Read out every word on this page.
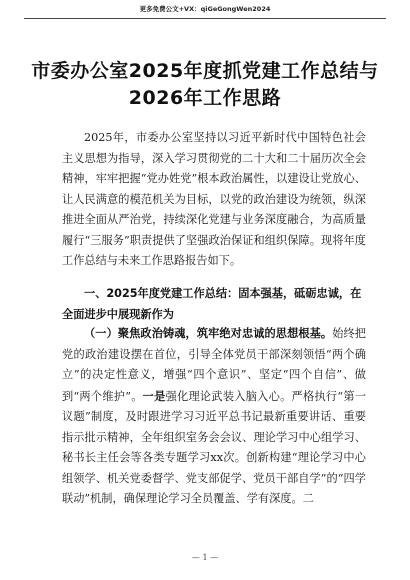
更多免费公文+VX：qiGeGongWen2024
市委办公室2025年度抓党建工作总结与
2026年工作思路
2025年，市委办公室坚持以习近平新时代中国特色社会主义思想为指导，深入学习贯彻党的二十大和二十届历次全会精神，牢牢把握“党办姓党”根本政治属性，以建设让党放心、让人民满意的模范机关为目标，以党的政治建设为统领，纵深推进全面从严治党，持续深化党建与业务深度融合，为高质量履行“三服务”职责提供了坚强政治保证和组织保障。现将年度工作总结与未来工作思路报告如下。
一、2025年度党建工作总结：固本强基，砥砺忠诚，在全面进步中展现新作为
（一）聚焦政治铸魂，筑牢绝对忠诚的思想根基。始终把党的政治建设摆在首位，引导全体党员干部深刻领悟“两个确立”的决定性意义，增强“四个意识”、坚定“四个自信”、做到“两个维护”。一是强化理论武装入脑入心。严格执行“第一议题”制度，及时跟进学习习近平总书记最新重要讲话、重要指示批示精神，全年组织室务会会议、理论学习中心组学习、秘书长主任会等各类专题学习xx次。创新构建“理论学习中心组领学、机关党委督学、党支部促学、党员干部自学”的“四学联动”机制，确保理论学习全员覆盖、学有深度。二
— 1 —
